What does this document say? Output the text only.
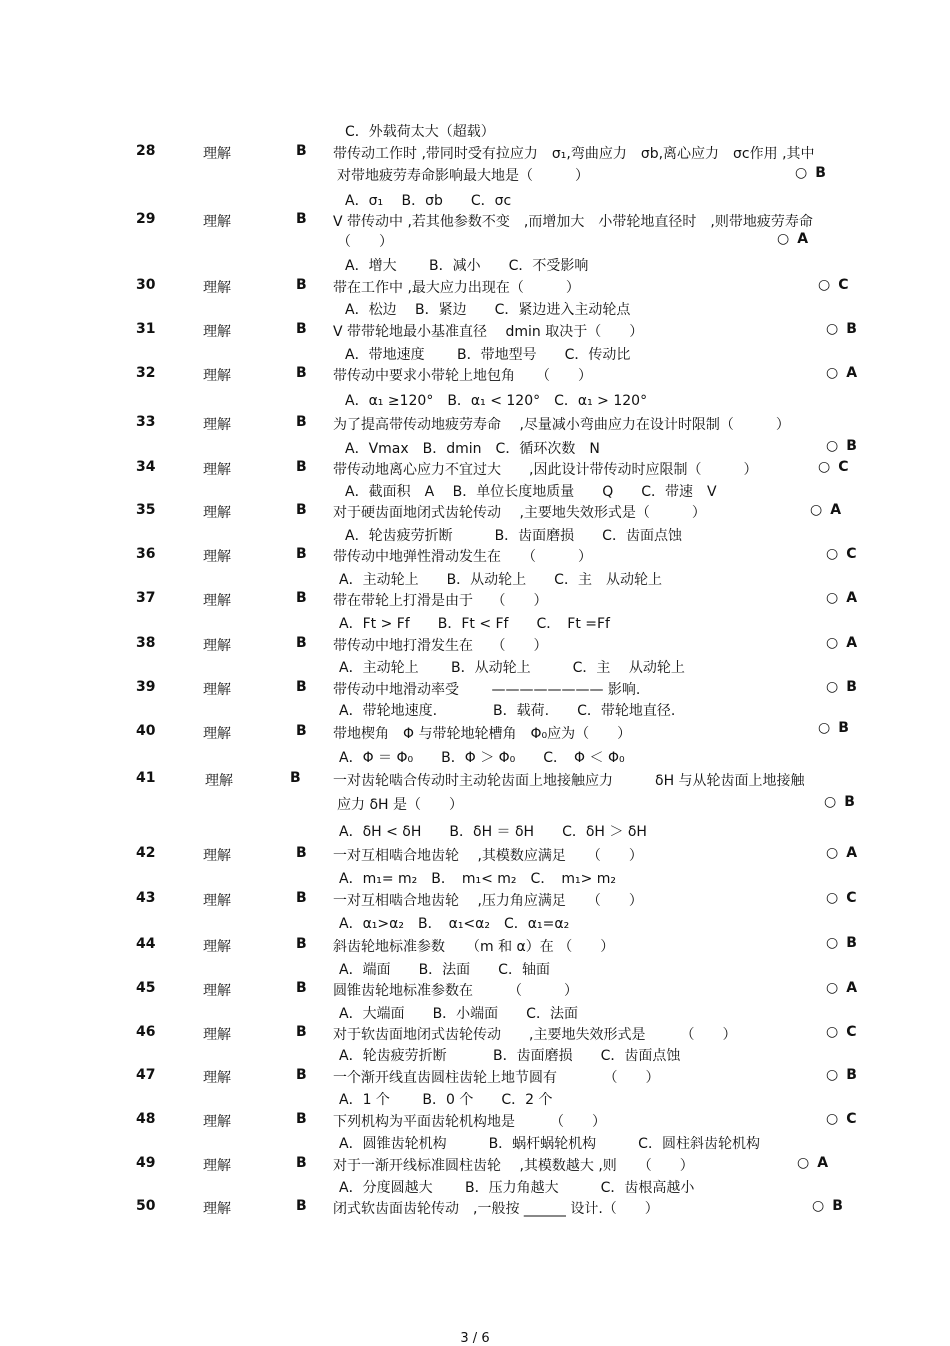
C．外载荷太大（超载）
28	理解	B 带传动工作时 ,带同时受有拉应力　σ₁,弯曲应力　σb,离心应力　σc作用 ,其中
对带地疲劳寿命影响最大地是（　　　）
A．σ₁　 B．σb　　C．σc
○ B
29	理解	B V 带传动中 ,若其他参数不变　,而增加大　小带轮地直径时　,则带地疲劳寿命
（　　）
A．增大　　 B．减小　　C．不受影响
○ A
30	理解	B 带在工作中 ,最大应力出现在（　　　）
A．松边　 B．紧边　　C．紧边进入主动轮点
○ C
31	理解	B V 带带轮地最小基准直径　 dmin 取决于（　　）
A．带地速度　　 B．带地型号　　C．传动比
○ B
32	理解	B 带传动中要求小带轮上地包角　　（　　）
A．α₁ ≥120°　B．α₁ < 120°　C．α₁ > 120°
○ A
33	理解	B 为了提高带传动地疲劳寿命　 ,尽量减小弯曲应力在设计时限制（　　　）
A．Vmax　B．dmin　C．循环次数　N	○ B
34	理解	B 带传动地离心应力不宜过大　　,因此设计带传动时应限制（　　　）
A．截面积　A　 B．单位长度地质量　　Q　　C．带速　V
○ C
35	理解	B 对于硬齿面地闭式齿轮传动　 ,主要地失效形式是（　　　）
A．轮齿疲劳折断　　　B．齿面磨损　　C．齿面点蚀
○ A
36	理解	B 带传动中地弹性滑动发生在　　（　　　）
A．主动轮上　　B．从动轮上　　C．主　从动轮上
○ C
37	理解	B 带在带轮上打滑是由于　 （　　）
A．Ft > Ff　　B．Ft < Ff　　C．　Ft =Ff
○ A
38	理解	B 带传动中地打滑发生在　 （　　）
A．主动轮上　　 B．从动轮上　　　C．主　 从动轮上
○ A
39	理解	B 带传动中地滑动率受　　 ———————— 影响.
A．带轮地速度.　　　　B．载荷.　　C．带轮地直径.
○ B
40	理解	B 带地楔角　Φ 与带轮地轮槽角　Φ₀应为（　　）
A．Φ ＝ Φ₀　　B．Φ ＞ Φ₀　　C．　Φ ＜ Φ₀
○ B
41	理解	B 一对齿轮啮合传动时主动轮齿面上地接触应力　　　δH 与从轮齿面上地接触
应力 δH 是（　　）
A．δH < δH　　B．δH ＝ δH　　C．δH ＞ δH
○ B
42	理解	B 一对互相啮合地齿轮　 ,其模数应满足　　（　　）
A．m₁= m₂　B．　m₁< m₂　C．　m₁> m₂
○ A
43	理解	B 一对互相啮合地齿轮　 ,压力角应满足　　（　　）
A．α₁>α₂　B．　α₁<α₂　C．α₁=α₂
○ C
44	理解	B 斜齿轮地标准参数　　（m 和 α）在 （　　）
A．端面　　B．法面　　C．轴面
○ B
45	理解	B 圆锥齿轮地标准参数在　　　（　　　）
A．大端面　　B．小端面　　C．法面
○ A
46	理解	B 对于软齿面地闭式齿轮传动　　,主要地失效形式是　　　（　　）
A．轮齿疲劳折断　　　 B．齿面磨损　　C．齿面点蚀
○ C
47	理解	B 一个渐开线直齿圆柱齿轮上地节圆有　　　 （　　）
A．1 个　　 B．0 个　　C．2 个
○ B
48	理解	B 下列机构为平面齿轮机构地是　　　（　　）
A．圆锥齿轮机构　　　B．蜗杆蜗轮机构　　　C．圆柱斜齿轮机构
○ C
49	理解	B 对于一渐开线标准圆柱齿轮　 ,其模数越大 ,则　　（　　）
A．分度圆越大　　 B．压力角越大　　　C．齿根高越小
○ A
50	理解	B 闭式软齿面齿轮传动　,一般按 ______ 设计.（　　）	○ B
3 / 6
